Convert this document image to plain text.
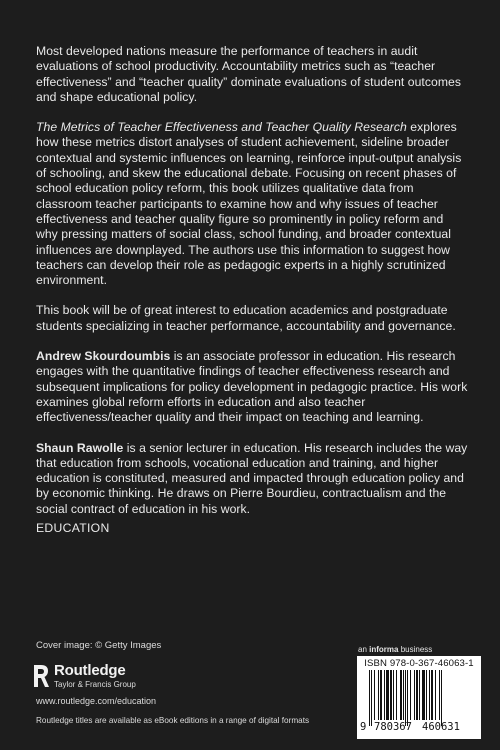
Most developed nations measure the performance of teachers in audit evaluations of school productivity. Accountability metrics such as “teacher effectiveness” and “teacher quality” dominate evaluations of student outcomes and shape educational policy.

The Metrics of Teacher Effectiveness and Teacher Quality Research explores how these metrics distort analyses of student achievement, sideline broader contextual and systemic influences on learning, reinforce input-output analysis of schooling, and skew the educational debate. Focusing on recent phases of school education policy reform, this book utilizes qualitative data from classroom teacher participants to examine how and why issues of teacher effectiveness and teacher quality figure so prominently in policy reform and why pressing matters of social class, school funding, and broader contextual influences are downplayed. The authors use this information to suggest how teachers can develop their role as pedagogic experts in a highly scrutinized environment.

This book will be of great interest to education academics and postgraduate students specializing in teacher performance, accountability and governance.

Andrew Skourdoumbis is an associate professor in education. His research engages with the quantitative findings of teacher effectiveness research and subsequent implications for policy development in pedagogic practice. His work examines global reform efforts in education and also teacher effectiveness/teacher quality and their impact on teaching and learning.

Shaun Rawolle is a senior lecturer in education. His research includes the way that education from schools, vocational education and training, and higher education is constituted, measured and impacted through education policy and by economic thinking. He draws on Pierre Bourdieu, contractualism and the social contract of education in his work.

EDUCATION
Cover image: © Getty Images
Routledge
Taylor & Francis Group
www.routledge.com/education
Routledge titles are available as eBook editions in a range of digital formats
an informa business
ISBN 978-0-367-46063-1
9 780367 460631
